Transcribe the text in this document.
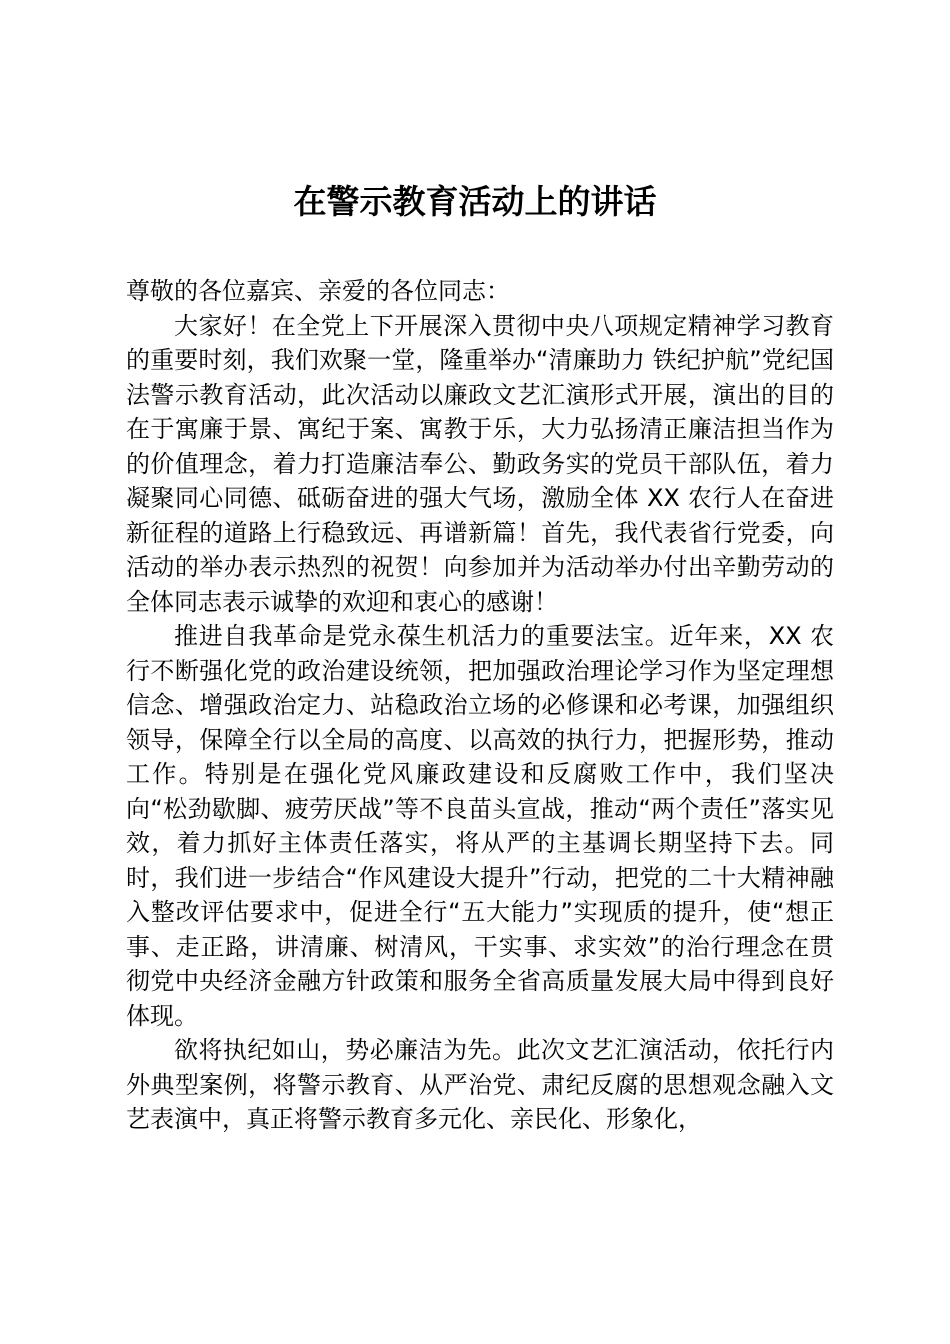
在警示教育活动上的讲话

尊敬的各位嘉宾、亲爱的各位同志：

大家好！在全党上下开展深入贯彻中央八项规定精神学习教育的重要时刻，我们欢聚一堂，隆重举办“清廉助力 铁纪护航”党纪国法警示教育活动，此次活动以廉政文艺汇演形式开展，演出的目的在于寓廉于景、寓纪于案、寓教于乐，大力弘扬清正廉洁担当作为的价值理念，着力打造廉洁奉公、勤政务实的党员干部队伍，着力凝聚同心同德、砥砺奋进的强大气场，激励全体 XX 农行人在奋进新征程的道路上行稳致远、再谱新篇！首先，我代表省行党委，向活动的举办表示热烈的祝贺！向参加并为活动举办付出辛勤劳动的全体同志表示诚挚的欢迎和衷心的感谢！

推进自我革命是党永葆生机活力的重要法宝。近年来，XX 农行不断强化党的政治建设统领，把加强政治理论学习作为坚定理想信念、增强政治定力、站稳政治立场的必修课和必考课，加强组织领导，保障全行以全局的高度、以高效的执行力，把握形势，推动工作。特别是在强化党风廉政建设和反腐败工作中，我们坚决向“松劲歇脚、疲劳厌战”等不良苗头宣战，推动“两个责任”落实见效，着力抓好主体责任落实，将从严的主基调长期坚持下去。同时，我们进一步结合“作风建设大提升”行动，把党的二十大精神融入整改评估要求中，促进全行“五大能力”实现质的提升，使“想正事、走正路，讲清廉、树清风，干实事、求实效”的治行理念在贯彻党中央经济金融方针政策和服务全省高质量发展大局中得到良好体现。

欲将执纪如山，势必廉洁为先。此次文艺汇演活动，依托行内外典型案例，将警示教育、从严治党、肃纪反腐的思想观念融入文艺表演中，真正将警示教育多元化、亲民化、形象化，
